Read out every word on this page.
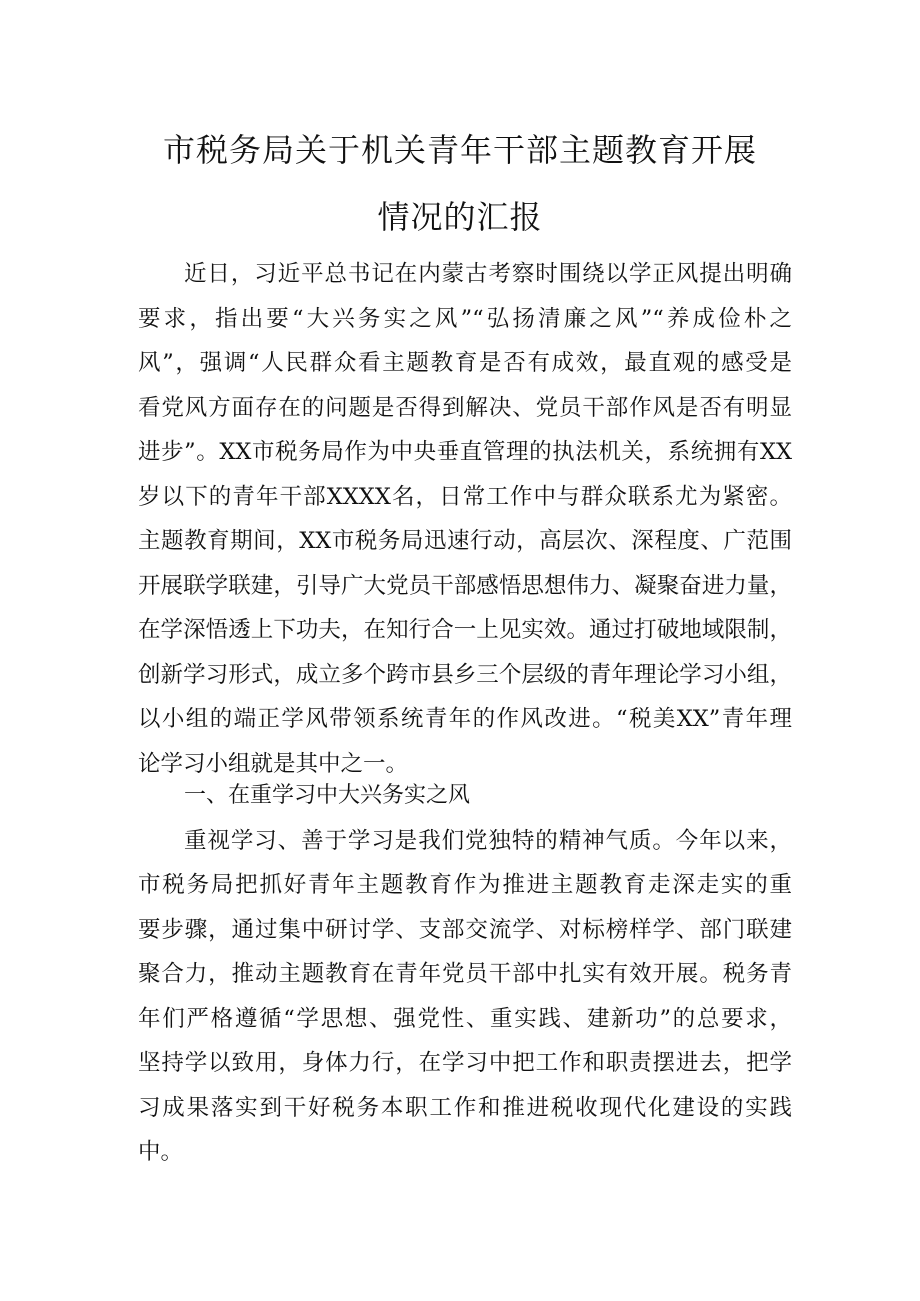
市税务局关于机关青年干部主题教育开展
情况的汇报
近日，习近平总书记在内蒙古考察时围绕以学正风提出明确
要求，指出要“大兴务实之风”“弘扬清廉之风”“养成俭朴之
风”，强调“人民群众看主题教育是否有成效，最直观的感受是
看党风方面存在的问题是否得到解决、党员干部作风是否有明显
进步”。XX市税务局作为中央垂直管理的执法机关，系统拥有XX
岁以下的青年干部XXXX名，日常工作中与群众联系尤为紧密。
主题教育期间，XX市税务局迅速行动，高层次、深程度、广范围
开展联学联建，引导广大党员干部感悟思想伟力、凝聚奋进力量，
在学深悟透上下功夫，在知行合一上见实效。通过打破地域限制，
创新学习形式，成立多个跨市县乡三个层级的青年理论学习小组，
以小组的端正学风带领系统青年的作风改进。“税美XX”青年理
论学习小组就是其中之一。
一、在重学习中大兴务实之风
重视学习、善于学习是我们党独特的精神气质。今年以来，
市税务局把抓好青年主题教育作为推进主题教育走深走实的重
要步骤，通过集中研讨学、支部交流学、对标榜样学、部门联建
聚合力，推动主题教育在青年党员干部中扎实有效开展。税务青
年们严格遵循“学思想、强党性、重实践、建新功”的总要求，
坚持学以致用，身体力行，在学习中把工作和职责摆进去，把学
习成果落实到干好税务本职工作和推进税收现代化建设的实践
中。
